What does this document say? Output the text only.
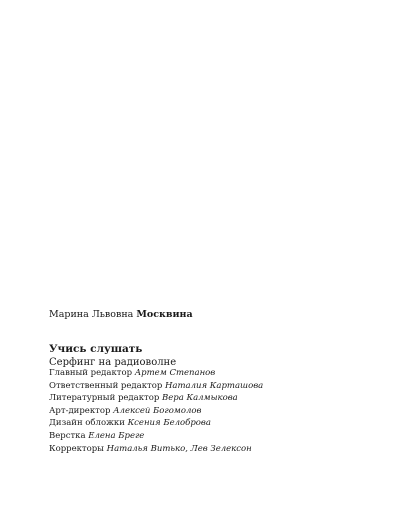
Марина Львовна Москвина
Учись слушать
Серфинг на радиоволне
Главный редактор Артем Степанов
Ответственный редактор Наталия Карташова
Литературный редактор Вера Калмыкова
Арт-директор Алексей Богомолов
Дизайн обложки Ксения Белоброва
Верстка Елена Бреге
Корректоры Наталья Витько, Лев Зелексон
